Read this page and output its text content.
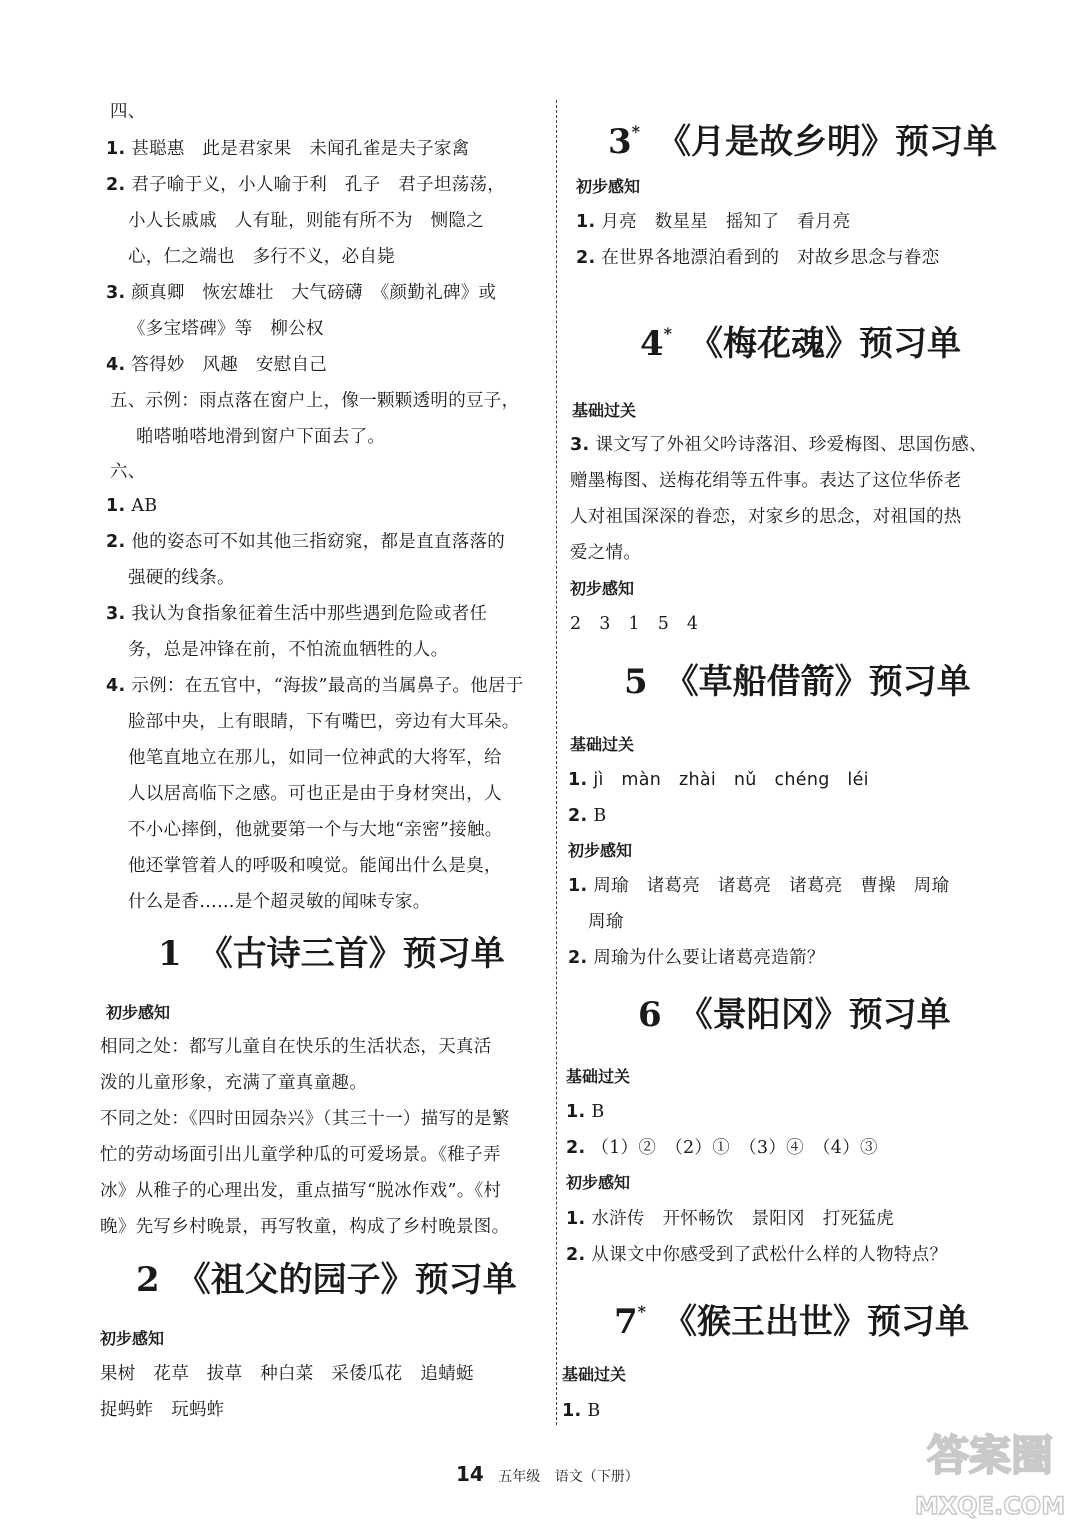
四、
1. 甚聪惠　此是君家果　未闻孔雀是夫子家禽
2. 君子喻于义，小人喻于利　孔子　君子坦荡荡，
小人长戚戚　人有耻，则能有所不为　恻隐之
心，仁之端也　多行不义，必自毙
3. 颜真卿　恢宏雄壮　大气磅礴　《颜勤礼碑》或
《多宝塔碑》等　柳公权
4. 答得妙　风趣　安慰自己
五、示例：雨点落在窗户上，像一颗颗透明的豆子，
啪嗒啪嗒地滑到窗户下面去了。
六、
1. AB
2. 他的姿态可不如其他三指窈窕，都是直直落落的
强硬的线条。
3. 我认为食指象征着生活中那些遇到危险或者任
务，总是冲锋在前，不怕流血牺牲的人。
4. 示例：在五官中，“海拔”最高的当属鼻子。他居于
脸部中央，上有眼睛，下有嘴巴，旁边有大耳朵。
他笔直地立在那儿，如同一位神武的大将军，给
人以居高临下之感。可也正是由于身材突出，人
不小心摔倒，他就要第一个与大地“亲密”接触。
他还掌管着人的呼吸和嗅觉。能闻出什么是臭，
什么是香……是个超灵敏的闻味专家。
1　《古诗三首》预习单
初步感知
相同之处：都写儿童自在快乐的生活状态，天真活
泼的儿童形象，充满了童真童趣。
不同之处：《四时田园杂兴》（其三十一）描写的是繁
忙的劳动场面引出儿童学种瓜的可爱场景。《稚子弄
冰》从稚子的心理出发，重点描写“脱冰作戏”。《村
晚》先写乡村晚景，再写牧童，构成了乡村晚景图。
2　《祖父的园子》预习单
初步感知
果树　花草　拔草　种白菜　采倭瓜花　追蜻蜓
捉蚂蚱　玩蚂蚱
3*　《月是故乡明》预习单
初步感知
1. 月亮　数星星　摇知了　看月亮
2. 在世界各地漂泊看到的　对故乡思念与眷恋
4*　《梅花魂》预习单
基础过关
3. 课文写了外祖父吟诗落泪、珍爱梅图、思国伤感、
赠墨梅图、送梅花绢等五件事。表达了这位华侨老
人对祖国深深的眷恋，对家乡的思念，对祖国的热
爱之情。
初步感知
2　3　1　5　4
5　《草船借箭》预习单
基础过关
1. jì　màn　zhài　nǔ　chéng　léi
2. B
初步感知
1. 周瑜　诸葛亮　诸葛亮　诸葛亮　曹操　周瑜
周瑜
2. 周瑜为什么要让诸葛亮造箭？
6　《景阳冈》预习单
基础过关
1. B
2. （1）②　（2）①　（3）④　（4）③
初步感知
1. 水浒传　开怀畅饮　景阳冈　打死猛虎
2. 从课文中你感受到了武松什么样的人物特点？
7*　《猴王出世》预习单
基础过关
1. B
14 五年级 语文（下册）	答案圈
MXQE.COM
